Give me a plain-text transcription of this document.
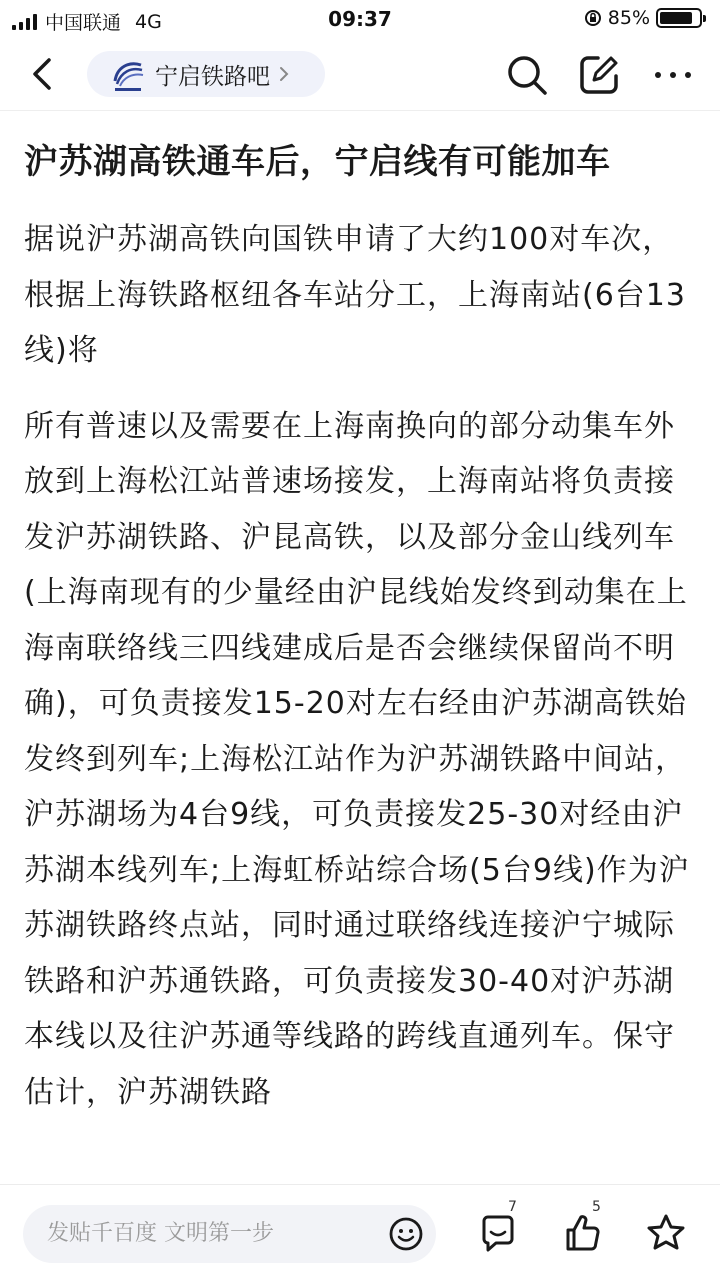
中国联通 4G	09:37	85%
宁启铁路吧
沪苏湖高铁通车后，宁启线有可能加车

据说沪苏湖高铁向国铁申请了大约100对车次，根据上海铁路枢纽各车站分工，上海南站(6台13线)将

所有普速以及需要在上海南换向的部分动集车外放到上海松江站普速场接发，上海南站将负责接发沪苏湖铁路、沪昆高铁，以及部分金山线列车(上海南现有的少量经由沪昆线始发终到动集在上海南联络线三四线建成后是否会继续保留尚不明确)，可负责接发15-20对左右经由沪苏湖高铁始发终到列车;上海松江站作为沪苏湖铁路中间站，沪苏湖场为4台9线，可负责接发25-30对经由沪苏湖本线列车;上海虹桥站综合场(5台9线)作为沪苏湖铁路终点站，同时通过联络线连接沪宁城际铁路和沪苏通铁路，可负责接发30-40对沪苏湖本线以及往沪苏通等线路的跨线直通列车。保守估计，沪苏湖铁路

发贴千百度 文明第一步
7	5
